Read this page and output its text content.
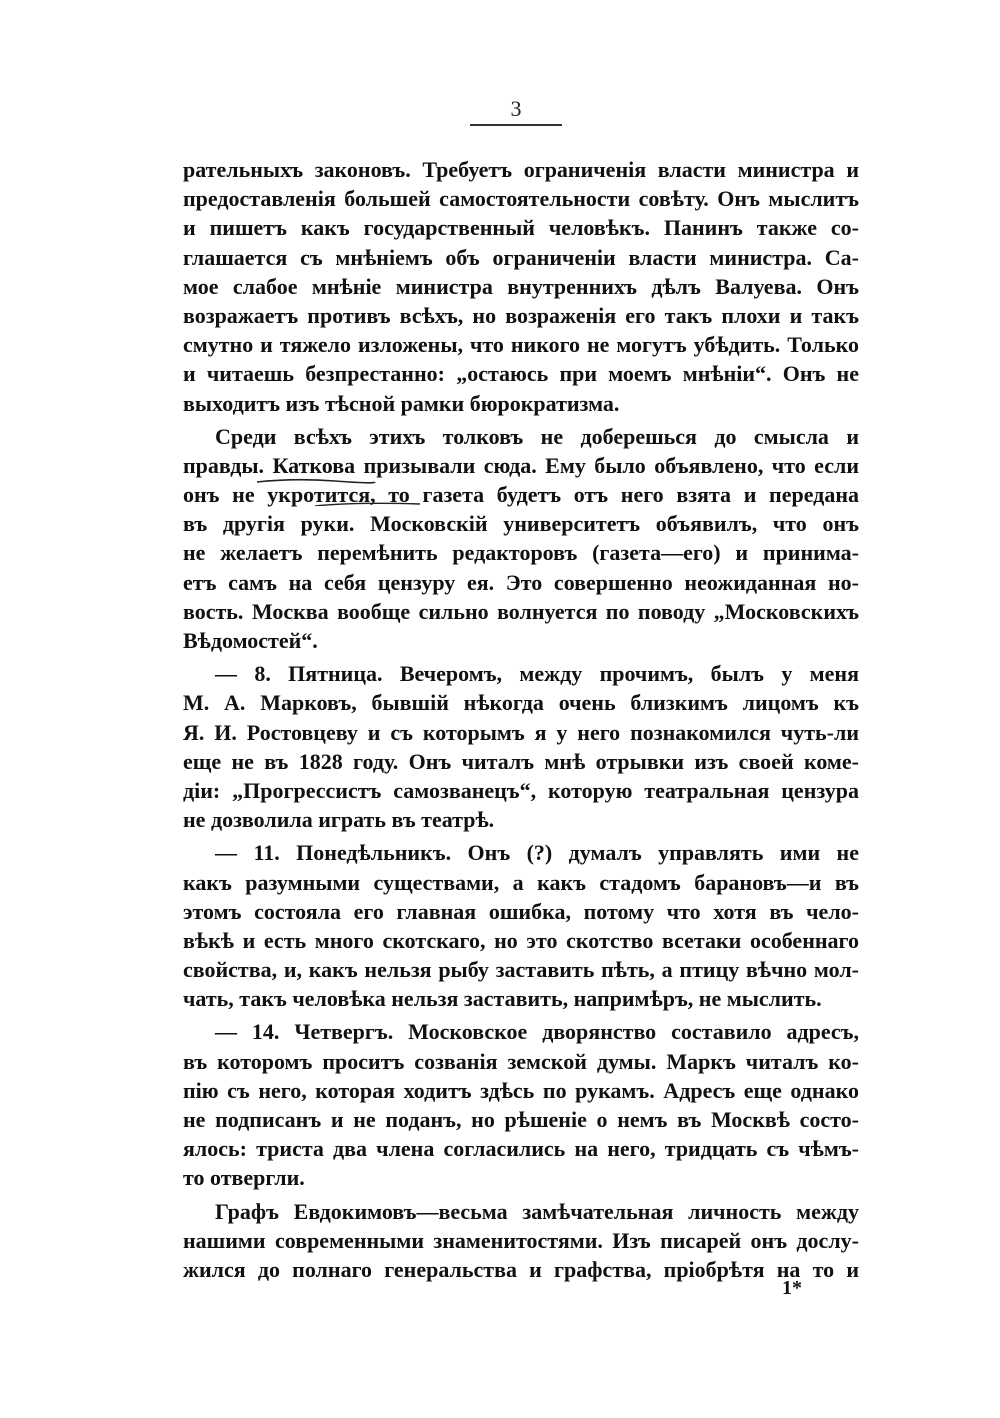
3
рательныхъ законовъ. Требуетъ ограниченія власти министра и
предоставленія большей самостоятельности совѣту. Онъ мыслитъ
и пишетъ какъ государственный человѣкъ. Панинъ также со-
глашается съ мнѣніемъ объ ограниченіи власти министра. Са-
мое слабое мнѣніе министра внутреннихъ дѣлъ Валуева. Онъ
возражаетъ противъ всѣхъ, но возраженія его такъ плохи и такъ
смутно и тяжело изложены, что никого не могутъ убѣдить. Только
и читаешь безпрестанно: „остаюсь при моемъ мнѣніи“. Онъ не
выходитъ изъ тѣсной рамки бюрократизма.
Среди всѣхъ этихъ толковъ не доберешься до смысла и
правды. Каткова призывали сюда. Ему было объявлено, что если
онъ не укротится, то газета будетъ отъ него взята и передана
въ другія руки. Московскій университетъ объявилъ, что онъ
не желаетъ перемѣнить редакторовъ (газета—его) и принима-
етъ самъ на себя цензуру ея. Это совершенно неожиданная но-
вость. Москва вообще сильно волнуется по поводу „Московскихъ
Вѣдомостей“.
— 8. Пятница. Вечеромъ, между прочимъ, былъ у меня
М. А. Марковъ, бывшій нѣкогда очень близкимъ лицомъ къ
Я. И. Ростовцеву и съ которымъ я у него познакомился чуть-ли
еще не въ 1828 году. Онъ читалъ мнѣ отрывки изъ своей коме-
діи: „Прогрессистъ самозванецъ“, которую театральная цензура
не дозволила играть въ театрѣ.
— 11. Понедѣльникъ. Онъ (?) думалъ управлять ими не
какъ разумными существами, а какъ стадомъ барановъ—и въ
этомъ состояла его главная ошибка, потому что хотя въ чело-
вѣкѣ и есть много скотскаго, но это скотство всетаки особеннаго
свойства, и, какъ нельзя рыбу заставить пѣть, а птицу вѣчно мол-
чать, такъ человѣка нельзя заставить, напримѣръ, не мыслить.
— 14. Четвергъ. Московское дворянство составило адресъ,
въ которомъ проситъ созванія земской думы. Маркъ читалъ ко-
пію съ него, которая ходитъ здѣсь по рукамъ. Адресъ еще однако
не подписанъ и не поданъ, но рѣшеніе о немъ въ Москвѣ состо-
ялось: триста два члена согласились на него, тридцать съ чѣмъ-
то отвергли.
Графъ Евдокимовъ—весьма замѣчательная личность между
нашими современными знаменитостями. Изъ писарей онъ дослу-
жился до полнаго генеральства и графства, пріобрѣтя на то и
1*
